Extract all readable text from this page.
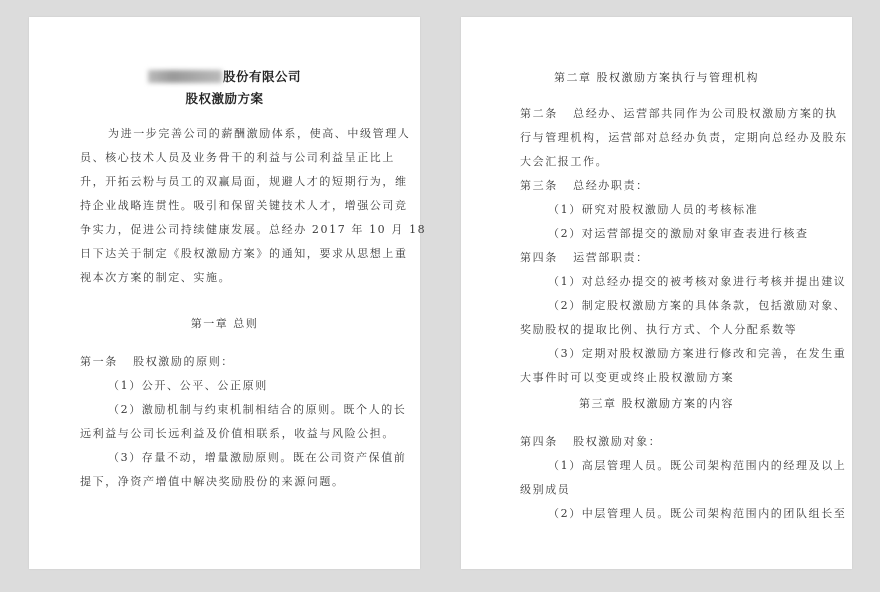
股份有限公司
股权激励方案
为进一步完善公司的薪酬激励体系，使高、中级管理人
员、核心技术人员及业务骨干的利益与公司利益呈正比上
升，开拓云粉与员工的双赢局面，规避人才的短期行为，维
持企业战略连贯性。吸引和保留关键技术人才，增强公司竞
争实力，促进公司持续健康发展。总经办 2017 年 10 月 18
日下达关于制定《股权激励方案》的通知，要求从思想上重
视本次方案的制定、实施。
第一章 总则
第一条 股权激励的原则：
（1）公开、公平、公正原则
（2）激励机制与约束机制相结合的原则。既个人的长
远利益与公司长远利益及价值相联系，收益与风险公担。
（3）存量不动，增量激励原则。既在公司资产保值前
提下，净资产增值中解决奖励股份的来源问题。
第二章 股权激励方案执行与管理机构
第二条 总经办、运营部共同作为公司股权激励方案的执
行与管理机构，运营部对总经办负责，定期向总经办及股东
大会汇报工作。
第三条 总经办职责：
（1）研究对股权激励人员的考核标准
（2）对运营部提交的激励对象审查表进行核查
第四条 运营部职责：
（1）对总经办提交的被考核对象进行考核并提出建议
（2）制定股权激励方案的具体条款，包括激励对象、
奖励股权的提取比例、执行方式、个人分配系数等
（3）定期对股权激励方案进行修改和完善，在发生重
大事件时可以变更或终止股权激励方案
第三章 股权激励方案的内容
第四条 股权激励对象：
（1）高层管理人员。既公司架构范围内的经理及以上
级别成员
（2）中层管理人员。既公司架构范围内的团队组长至
